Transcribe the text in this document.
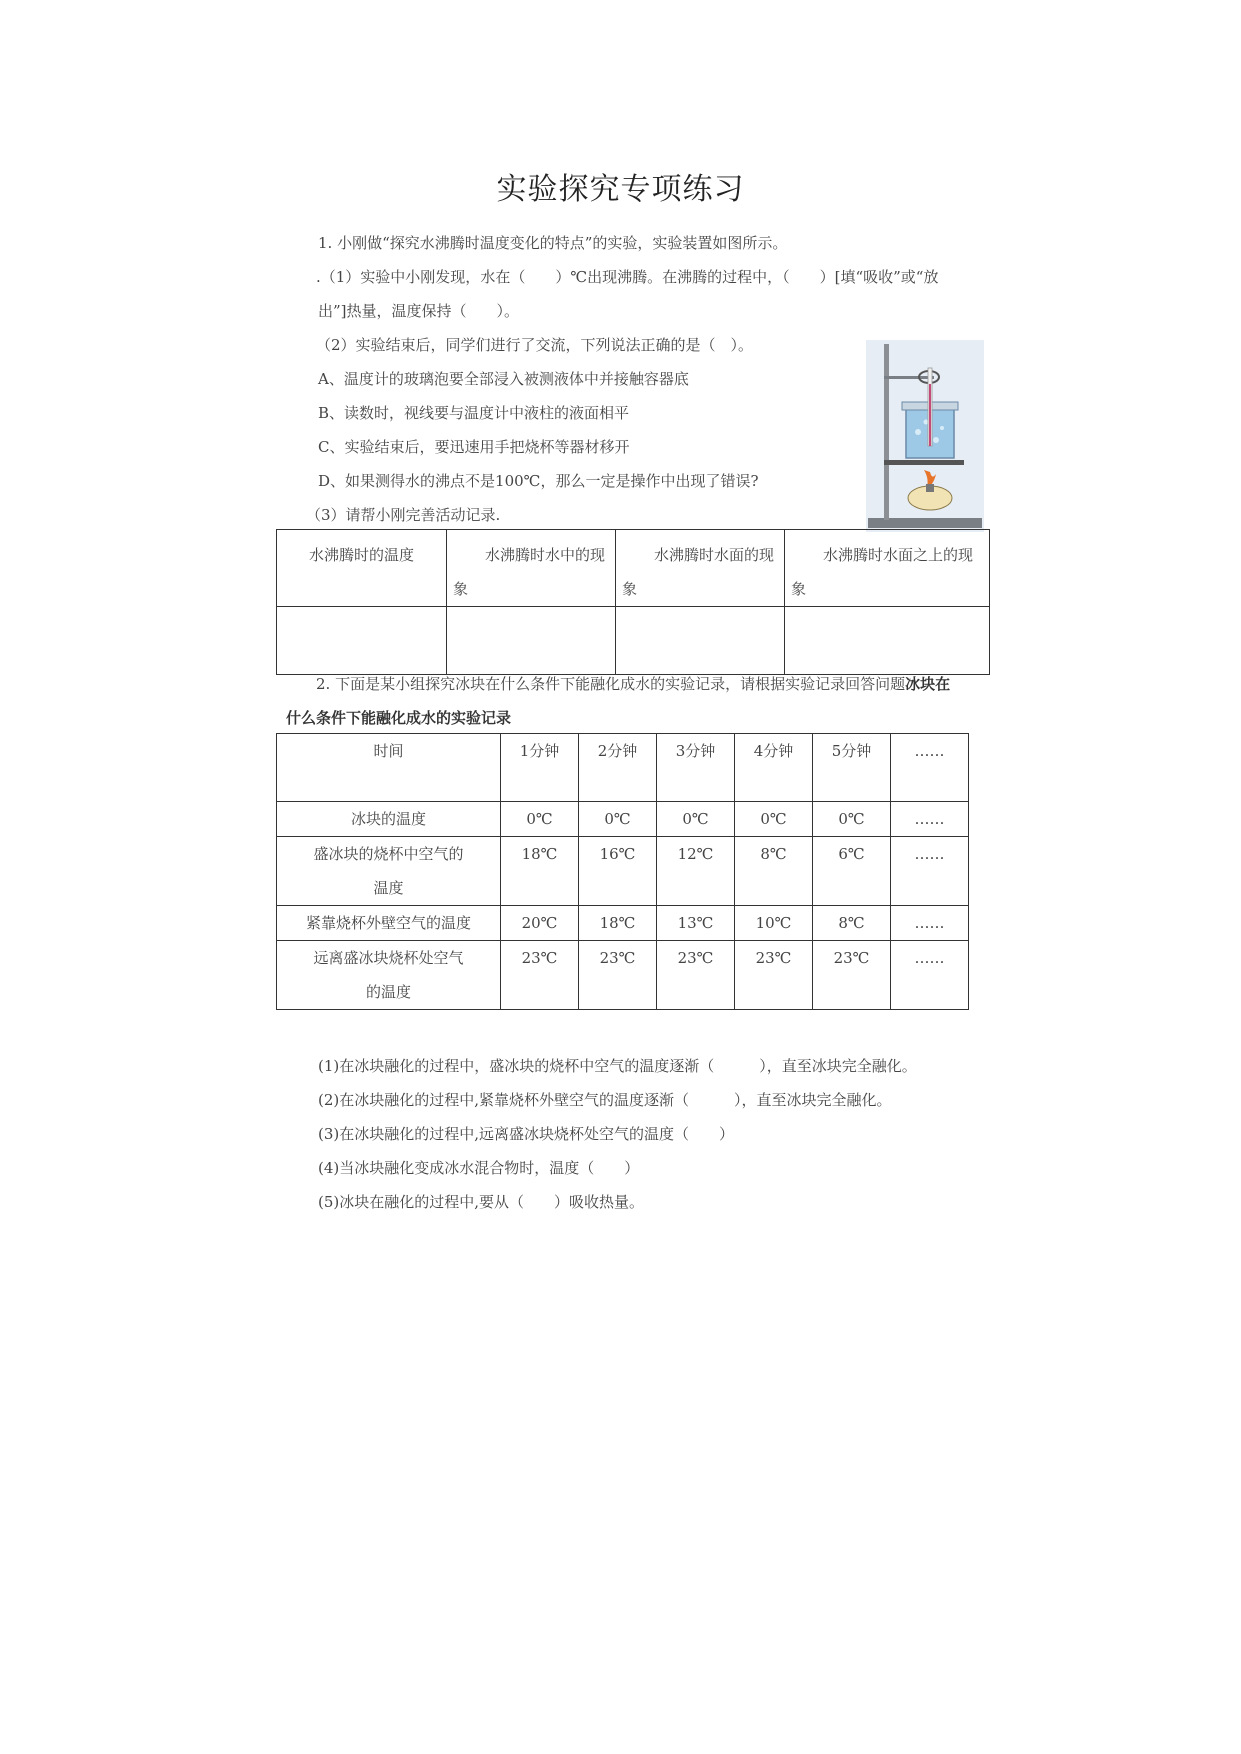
实验探究专项练习
1. 小刚做“探究水沸腾时温度变化的特点”的实验，实验装置如图所示。
.（1）实验中小刚发现，水在（　　）℃出现沸腾。在沸腾的过程中，（　　）[填“吸收”或“放
出”]热量，温度保持（　　）。
（2）实验结束后，同学们进行了交流，下列说法正确的是（　）。
A、温度计的玻璃泡要全部浸入被测液体中并接触容器底
B、读数时，视线要与温度计中液柱的液面相平
C、实验结束后，要迅速用手把烧杯等器材移开
D、如果测得水的沸点不是100℃，那么一定是操作中出现了错误?
（3）请帮小刚完善活动记录.
水沸腾时的温度	水沸腾时水中的现象	水沸腾时水面的现象	水沸腾时水面之上的现象

2. 下面是某小组探究冰块在什么条件下能融化成水的实验记录，请根据实验记录回答问题冰块在
什么条件下能融化成水的实验记录
时间	1分钟	2分钟	3分钟	4分钟	5分钟	……
冰块的温度	0℃	0℃	0℃	0℃	0℃	……

盛冰块的烧杯中空气的温度	18℃	16℃	12℃	8℃	6℃	……
紧靠烧杯外壁空气的温度	20℃	18℃	13℃	10℃	8℃	……

远离盛冰块烧杯处空气的温度	23℃	23℃	23℃	23℃	23℃	……
(1)在冰块融化的过程中，盛冰块的烧杯中空气的温度逐渐（　　　），直至冰块完全融化。
(2)在冰块融化的过程中,紧靠烧杯外壁空气的温度逐渐（　　　），直至冰块完全融化。
(3)在冰块融化的过程中,远离盛冰块烧杯处空气的温度（　　）
(4)当冰块融化变成冰水混合物时，温度（　　）
(5)冰块在融化的过程中,要从（　　）吸收热量。
